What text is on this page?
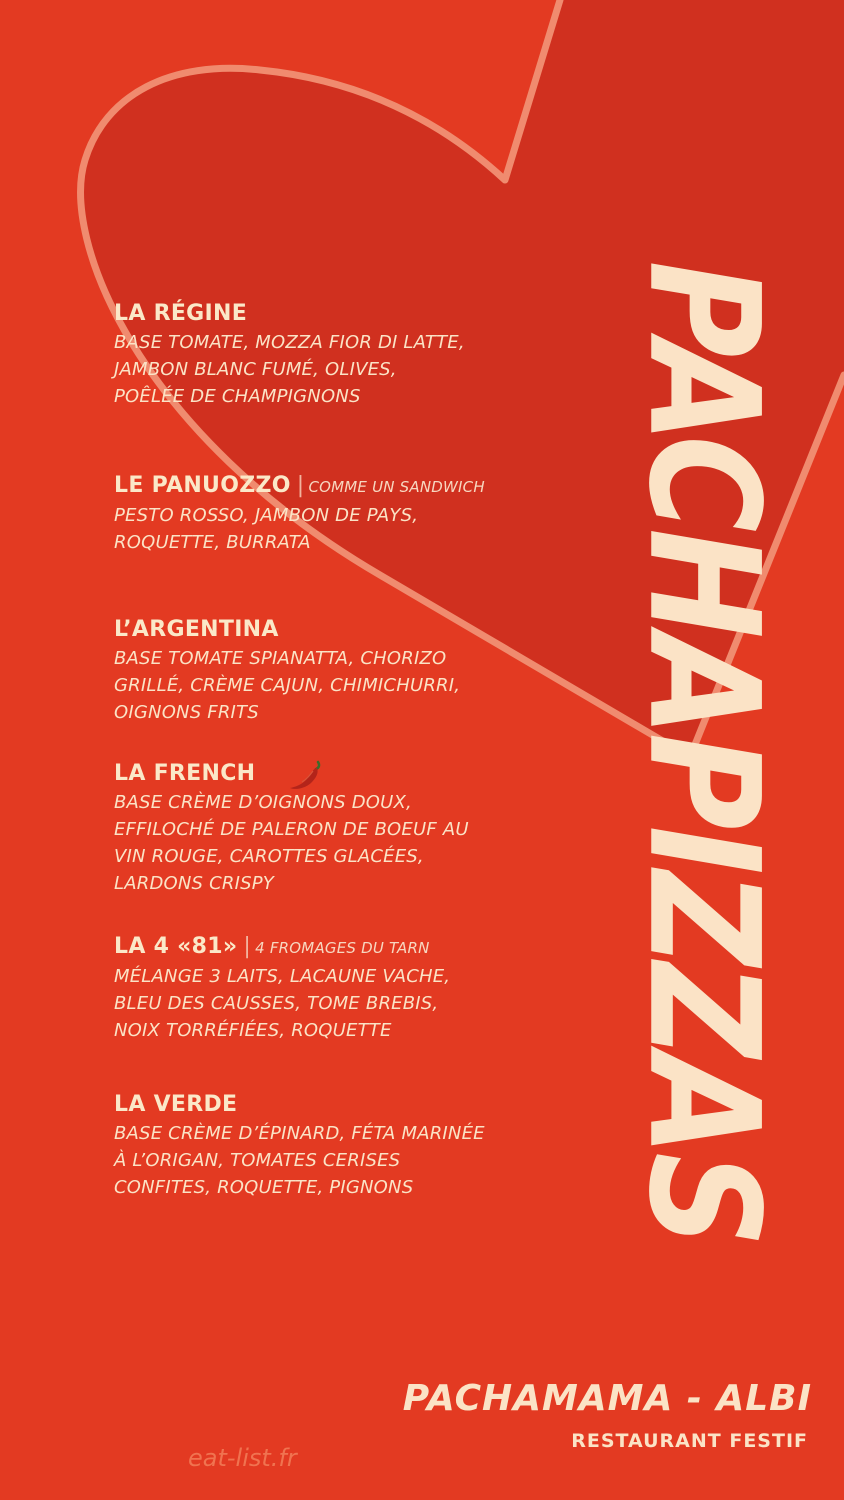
LA RÉGINE
BASE TOMATE, MOZZA FIOR DI LATTE,
JAMBON BLANC FUMÉ, OLIVES,
POÊLÉE DE CHAMPIGNONS
LE PANUOZZO | COMME UN SANDWICH
PESTO ROSSO, JAMBON DE PAYS,
ROQUETTE, BURRATA
L’ARGENTINA
BASE TOMATE SPIANATTA, CHORIZO
GRILLÉ, CRÈME CAJUN, CHIMICHURRI,
OIGNONS FRITS
LA FRENCH
BASE CRÈME D’OIGNONS DOUX,
EFFILOCHÉ DE PALERON DE BOEUF AU
VIN ROUGE, CAROTTES GLACÉES,
LARDONS CRISPY
LA 4 «81» | 4 FROMAGES DU TARN
MÉLANGE 3 LAITS, LACAUNE VACHE,
BLEU DES CAUSSES, TOME BREBIS,
NOIX TORRÉFIÉES, ROQUETTE
LA VERDE
BASE CRÈME D’ÉPINARD, FÉTA MARINÉE
À L’ORIGAN, TOMATES CERISES
CONFITES, ROQUETTE, PIGNONS	PACHAPIZZAS
PACHAMAMA - ALBI
RESTAURANT FESTIF
eat-list.fr
